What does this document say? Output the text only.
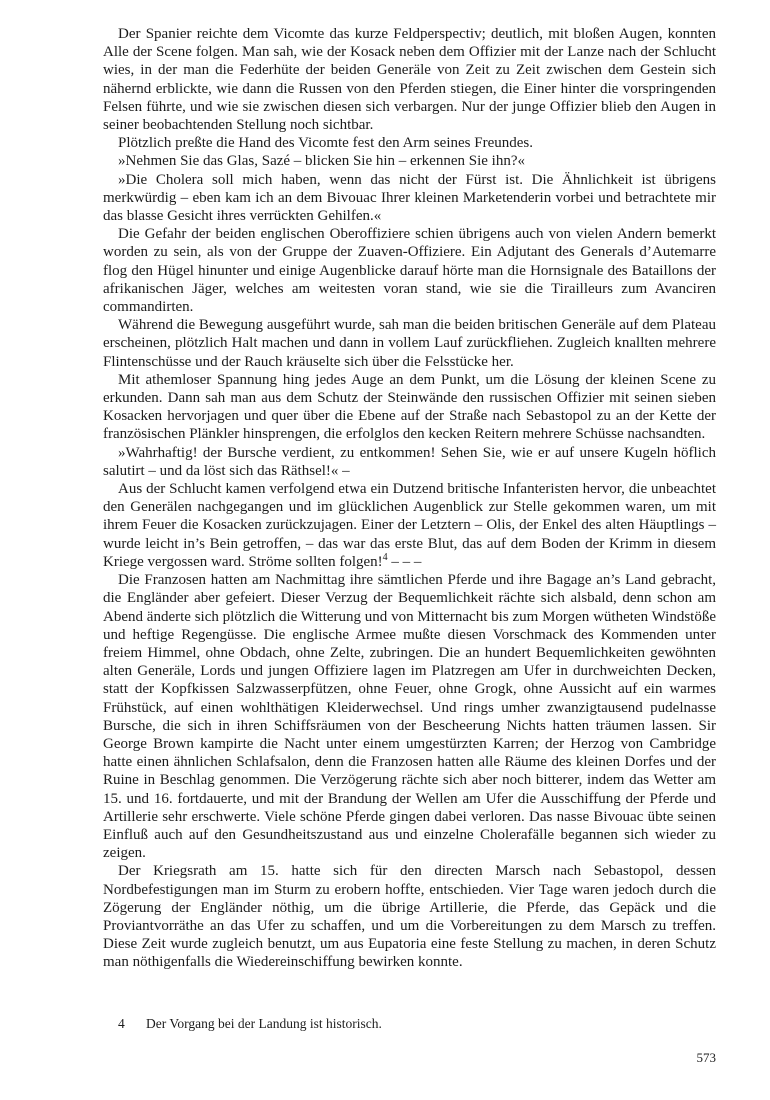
Der Spanier reichte dem Vicomte das kurze Feldperspectiv; deutlich, mit bloßen Augen, konnten Alle der Scene folgen. Man sah, wie der Kosack neben dem Offizier mit der Lanze nach der Schlucht wies, in der man die Federhüte der beiden Generäle von Zeit zu Zeit zwischen dem Gestein sich nähernd erblickte, wie dann die Russen von den Pferden stiegen, die Einer hinter die vorspringenden Felsen führte, und wie sie zwischen diesen sich verbargen. Nur der junge Offizier blieb den Augen in seiner beobachtenden Stellung noch sichtbar.

Plötzlich preßte die Hand des Vicomte fest den Arm seines Freundes.

»Nehmen Sie das Glas, Sazé – blicken Sie hin – erkennen Sie ihn?«

»Die Cholera soll mich haben, wenn das nicht der Fürst ist. Die Ähnlichkeit ist übrigens merkwürdig – eben kam ich an dem Bivouac Ihrer kleinen Marketenderin vorbei und betrachtete mir das blasse Gesicht ihres verrückten Gehilfen.«

Die Gefahr der beiden englischen Oberoffiziere schien übrigens auch von vielen Andern bemerkt worden zu sein, als von der Gruppe der Zuaven-Offiziere. Ein Adjutant des Generals d’Autemarre flog den Hügel hinunter und einige Augenblicke darauf hörte man die Hornsignale des Bataillons der afrikanischen Jäger, welches am weitesten voran stand, wie sie die Tirailleurs zum Avanciren commandirten.

Während die Bewegung ausgeführt wurde, sah man die beiden britischen Generäle auf dem Plateau erscheinen, plötzlich Halt machen und dann in vollem Lauf zurückfliehen. Zugleich knallten mehrere Flintenschüsse und der Rauch kräuselte sich über die Felsstücke her.

Mit athemloser Spannung hing jedes Auge an dem Punkt, um die Lösung der kleinen Scene zu erkunden. Dann sah man aus dem Schutz der Steinwände den russischen Offizier mit seinen sieben Kosacken hervorjagen und quer über die Ebene auf der Straße nach Sebastopol zu an der Kette der französischen Plänkler hinsprengen, die erfolglos den kecken Reitern mehrere Schüsse nachsandten.

»Wahrhaftig! der Bursche verdient, zu entkommen! Sehen Sie, wie er auf unsere Kugeln höflich salutirt – und da löst sich das Räthsel!« –

Aus der Schlucht kamen verfolgend etwa ein Dutzend britische Infanteristen hervor, die unbeachtet den Generälen nachgegangen und im glücklichen Augenblick zur Stelle gekommen waren, um mit ihrem Feuer die Kosacken zurückzujagen. Einer der Letztern – Olis, der Enkel des alten Häuptlings – wurde leicht in’s Bein getroffen, – das war das erste Blut, das auf dem Boden der Krimm in diesem Kriege vergossen ward. Ströme sollten folgen!$^4$ – – –

Die Franzosen hatten am Nachmittag ihre sämtlichen Pferde und ihre Bagage an’s Land gebracht, die Engländer aber gefeiert. Dieser Verzug der Bequemlichkeit rächte sich alsbald, denn schon am Abend änderte sich plötzlich die Witterung und von Mitternacht bis zum Morgen wütheten Windstöße und heftige Regengüsse. Die englische Armee mußte diesen Vorschmack des Kommenden unter freiem Himmel, ohne Obdach, ohne Zelte, zubringen. Die an hundert Bequemlichkeiten gewöhnten alten Generäle, Lords und jungen Offiziere lagen im Platzregen am Ufer in durchweichten Decken, statt der Kopfkissen Salzwasserpfützen, ohne Feuer, ohne Grogk, ohne Aussicht auf ein warmes Frühstück, auf einen wohlthätigen Kleiderwechsel. Und rings umher zwanzigtausend pudelnasse Bursche, die sich in ihren Schiffsräumen von der Bescheerung Nichts hatten träumen lassen. Sir George Brown kampirte die Nacht unter einem umgestürzten Karren; der Herzog von Cambridge hatte einen ähnlichen Schlafsalon, denn die Franzosen hatten alle Räume des kleinen Dorfes und der Ruine in Beschlag genommen. Die Verzögerung rächte sich aber noch bitterer, indem das Wetter am 15. und 16. fortdauerte, und mit der Brandung der Wellen am Ufer die Ausschiffung der Pferde und Artillerie sehr erschwerte. Viele schöne Pferde gingen dabei verloren. Das nasse Bivouac übte seinen Einfluß auch auf den Gesundheitszustand aus und einzelne Cholerafälle begannen sich wieder zu zeigen.

Der Kriegsrath am 15. hatte sich für den directen Marsch nach Sebastopol, dessen Nordbefestigungen man im Sturm zu erobern hoffte, entschieden. Vier Tage waren jedoch durch die Zögerung der Engländer nöthig, um die übrige Artillerie, die Pferde, das Gepäck und die Proviantvorräthe an das Ufer zu schaffen, und um die Vorbereitungen zu dem Marsch zu treffen. Diese Zeit wurde zugleich benutzt, um aus Eupatoria eine feste Stellung zu machen, in deren Schutz man nöthigenfalls die Wiedereinschiffung bewirken konnte.

4 Der Vorgang bei der Landung ist historisch.
573
